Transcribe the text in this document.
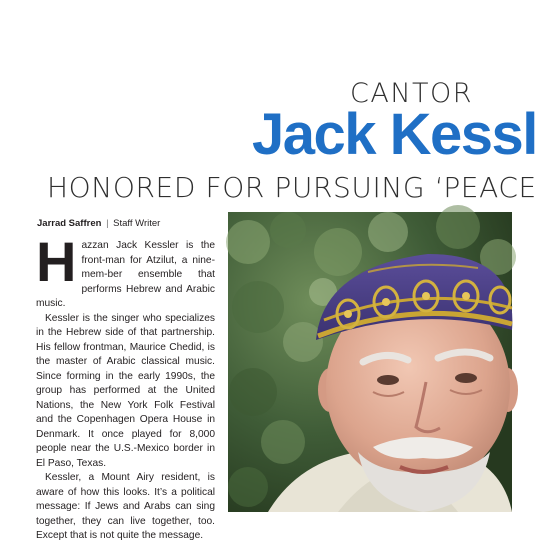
CANTOR
Jack Kessl
HONORED FOR PURSUING ‘PEACE
Jarrad Saffren | Staff Writer

Hazzan Jack Kessler is the front-man for Atzilut, a nine-mem-ber ensemble that performs Hebrew and Arabic music.

Kessler is the singer who specializes in the Hebrew side of that partnership. His fellow frontman, Maurice Chedid, is the master of Arabic classical music. Since forming in the early 1990s, the group has performed at the United Nations, the New York Folk Festival and the Copenhagen Opera House in Denmark. It once played for 8,000 people near the U.S.-Mexico border in El Paso, Texas.

Kessler, a Mount Airy resident, is aware of how this looks. It’s a political message: If Jews and Arabs can sing together, they can live together, too. Except that is not quite the message.
